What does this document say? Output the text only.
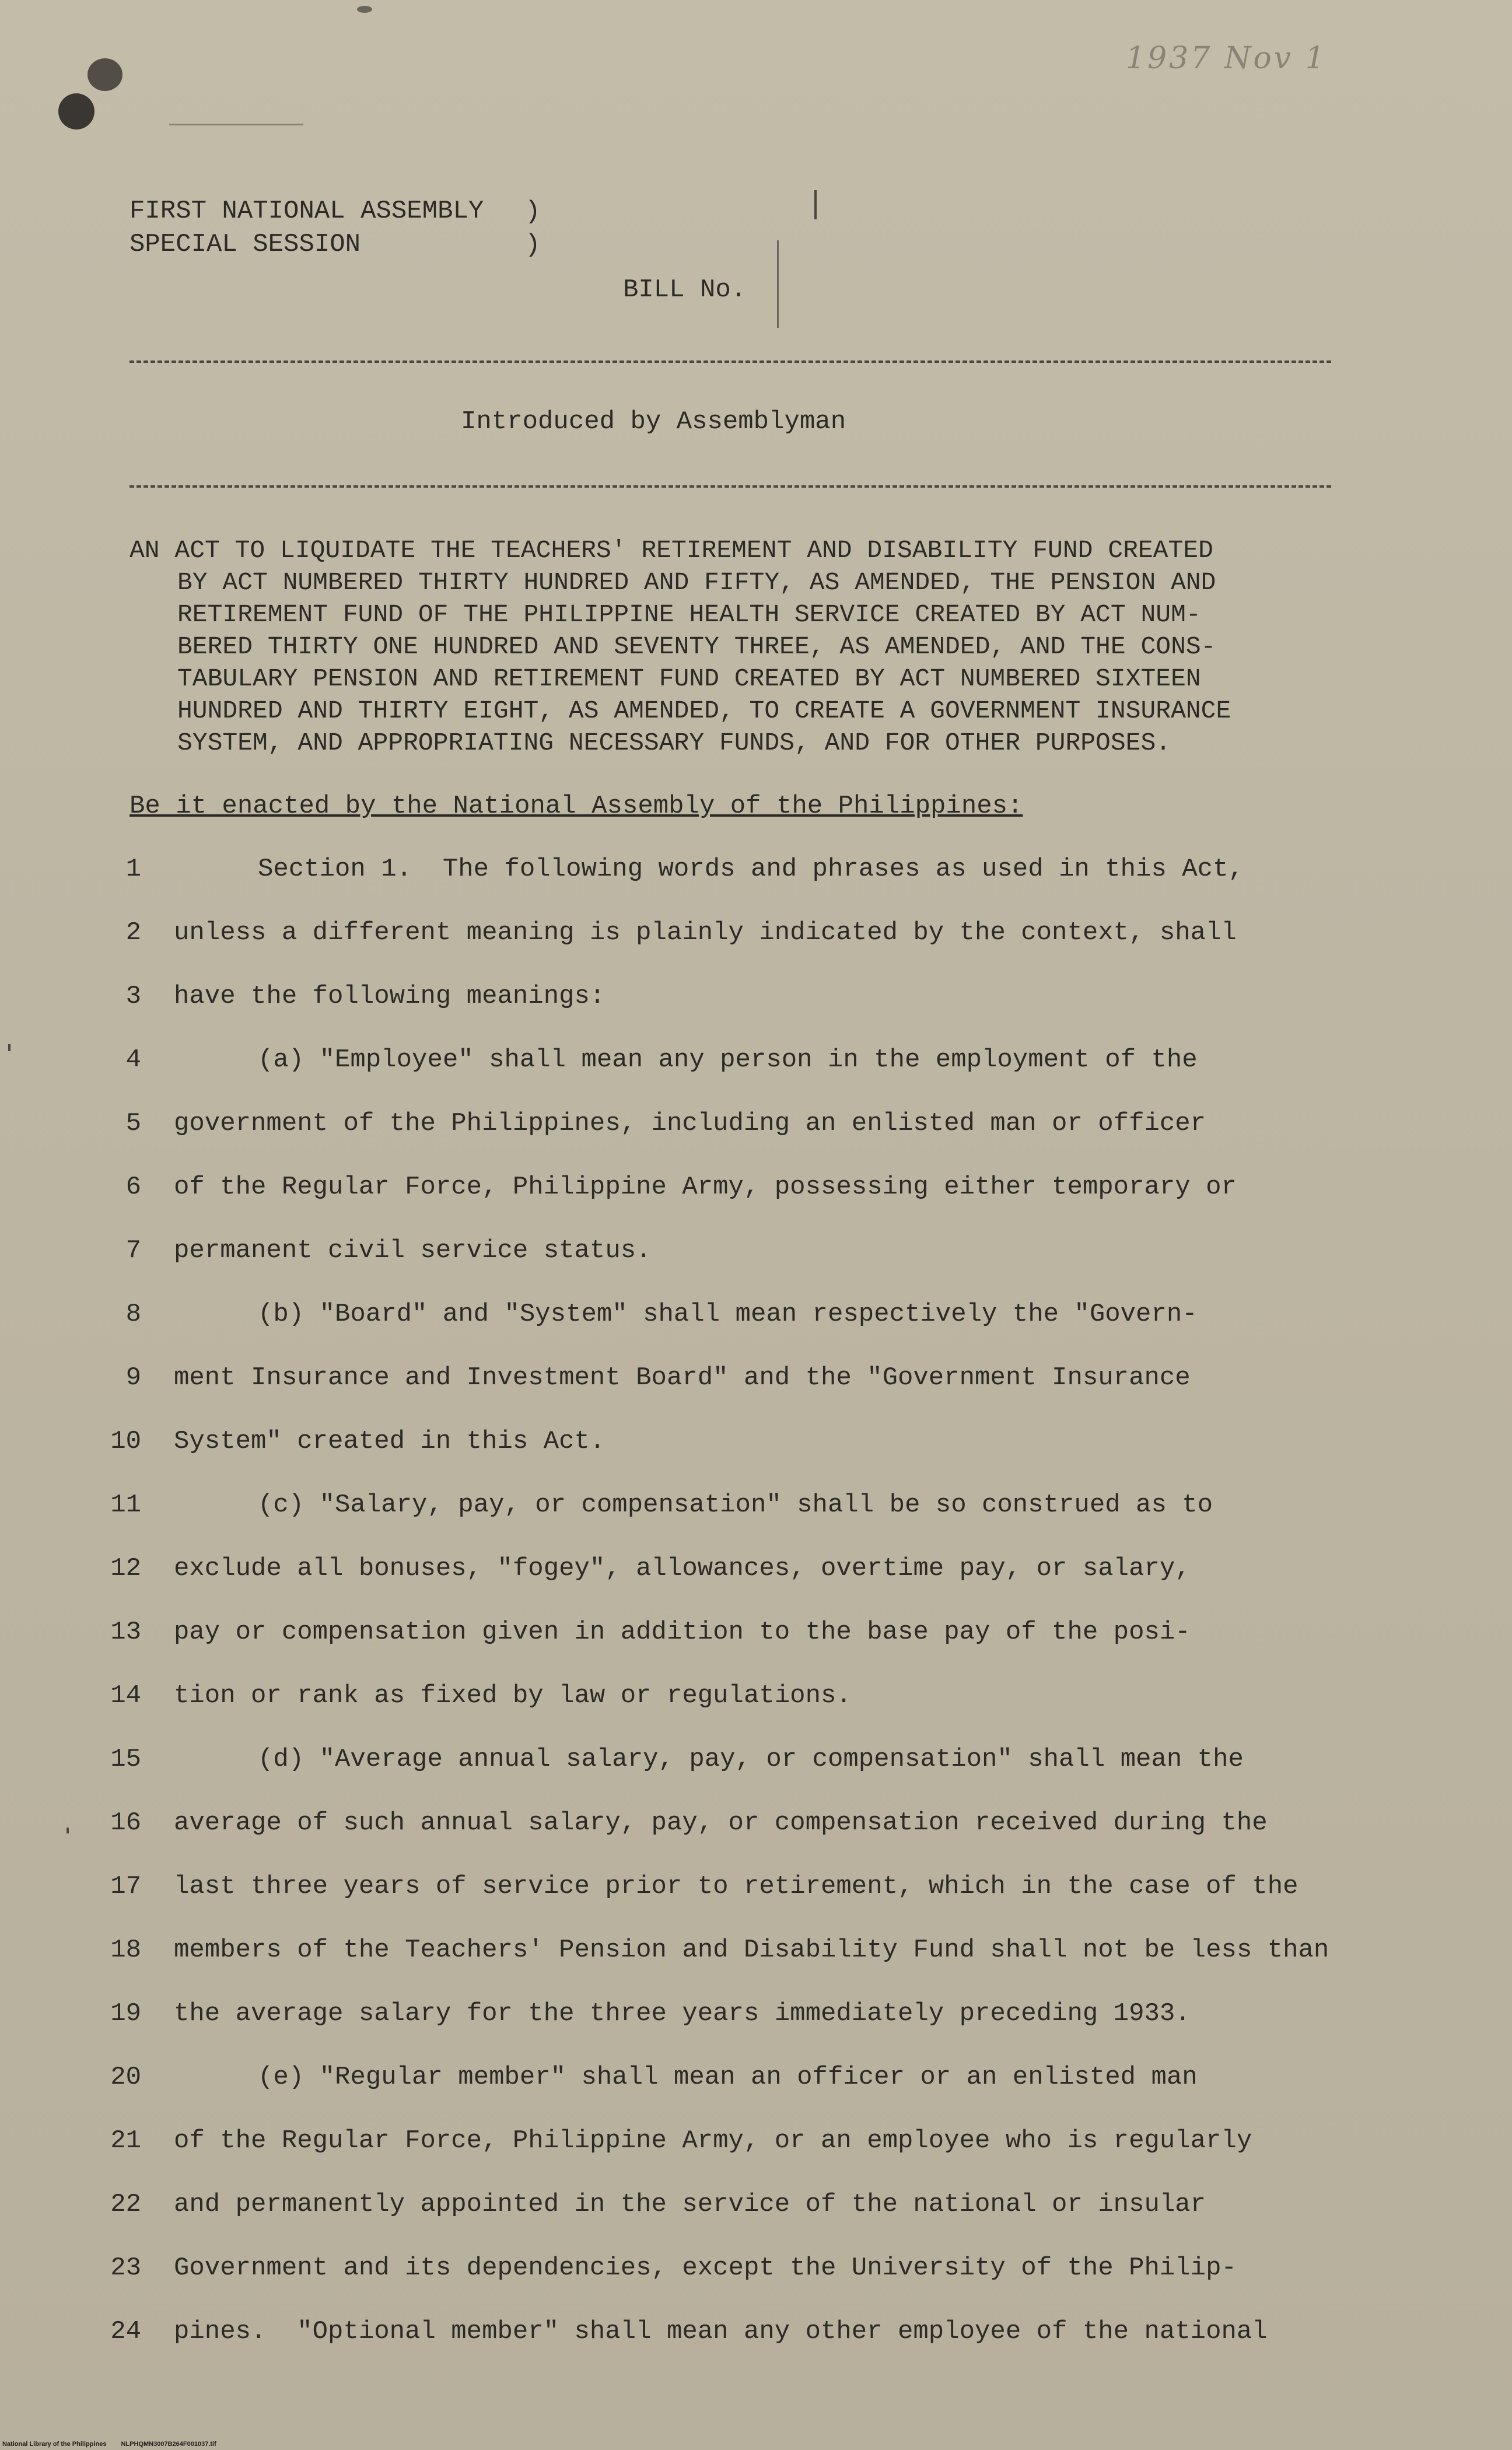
1937 Nov 1
FIRST NATIONAL ASSEMBLY
SPECIAL SESSION
)
)
BILL No.
Introduced by Assemblyman
AN ACT TO LIQUIDATE THE TEACHERS' RETIREMENT AND DISABILITY FUND CREATED
BY ACT NUMBERED THIRTY HUNDRED AND FIFTY, AS AMENDED, THE PENSION AND
RETIREMENT FUND OF THE PHILIPPINE HEALTH SERVICE CREATED BY ACT NUM-
BERED THIRTY ONE HUNDRED AND SEVENTY THREE, AS AMENDED, AND THE CONS-
TABULARY PENSION AND RETIREMENT FUND CREATED BY ACT NUMBERED SIXTEEN
HUNDRED AND THIRTY EIGHT, AS AMENDED, TO CREATE A GOVERNMENT INSURANCE
SYSTEM, AND APPROPRIATING NECESSARY FUNDS, AND FOR OTHER PURPOSES.
Be it enacted by the National Assembly of the Philippines:
1	Section 1.  The following words and phrases as used in this Act,
2 unless a different meaning is plainly indicated by the context, shall
3 have the following meanings:
4	(a) "Employee" shall mean any person in the employment of the
5 government of the Philippines, including an enlisted man or officer
6 of the Regular Force, Philippine Army, possessing either temporary or
7 permanent civil service status.
8	(b) "Board" and "System" shall mean respectively the "Govern-
9 ment Insurance and Investment Board" and the "Government Insurance
10 System" created in this Act.
11	(c) "Salary, pay, or compensation" shall be so construed as to
12 exclude all bonuses, "fogey", allowances, overtime pay, or salary,
13 pay or compensation given in addition to the base pay of the posi-
14 tion or rank as fixed by law or regulations.
15	(d) "Average annual salary, pay, or compensation" shall mean the
16 average of such annual salary, pay, or compensation received during the
17 last three years of service prior to retirement, which in the case of the
18 members of the Teachers' Pension and Disability Fund shall not be less than
19 the average salary for the three years immediately preceding 1933.
20	(e) "Regular member" shall mean an officer or an enlisted man
21 of the Regular Force, Philippine Army, or an employee who is regularly
22 and permanently appointed in the service of the national or insular
23 Government and its dependencies, except the University of the Philip-
24 pines.  "Optional member" shall mean any other employee of the national
National Library of the Philippines NLPHQMN3007B264F001037.tif
